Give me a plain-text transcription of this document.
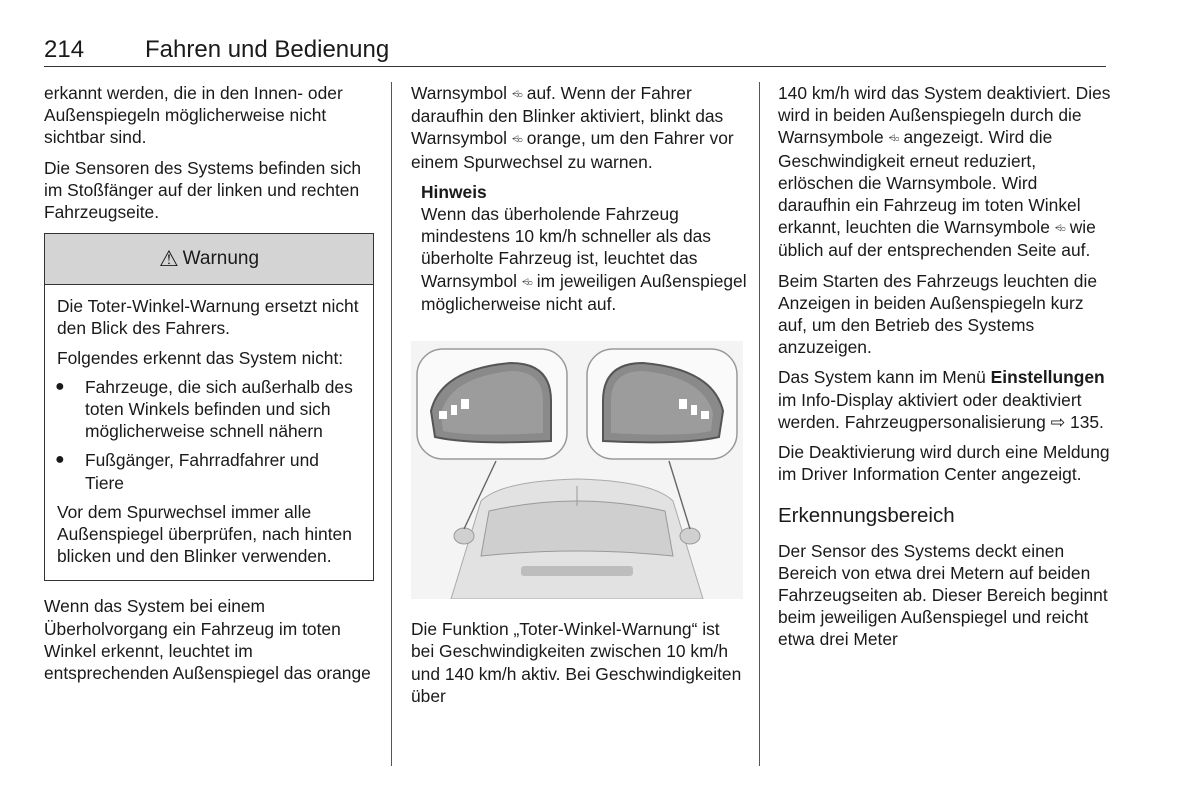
214	Fahren und Bedienung

erkannt werden, die in den Innen- oder Außenspiegeln möglicherweise nicht sichtbar sind.

Die Sensoren des Systems befinden sich im Stoßfänger auf der linken und rechten Fahrzeugseite.

⚠ Warnung

Die Toter-Winkel-Warnung ersetzt nicht den Blick des Fahrers.

Folgendes erkennt das System nicht:

●	Fahrzeuge, die sich außerhalb des toten Winkels befinden und sich möglicherweise schnell nähern
●	Fußgänger, Fahrradfahrer und Tiere

Vor dem Spurwechsel immer alle Außenspiegel überprüfen, nach hinten blicken und den Blinker verwenden.

Wenn das System bei einem Überholvorgang ein Fahrzeug im toten Winkel erkennt, leuchtet im entsprechenden Außenspiegel das orange

Warnsymbol ⩤⚬ auf. Wenn der Fahrer daraufhin den Blinker aktiviert, blinkt das Warnsymbol ⩤⚬ orange, um den Fahrer vor einem Spurwechsel zu warnen.

Hinweis
Wenn das überholende Fahrzeug mindestens 10 km/h schneller als das überholte Fahrzeug ist, leuchtet das Warnsymbol ⩤⚬ im jeweiligen Außenspiegel möglicherweise nicht auf.

Die Funktion „Toter-Winkel-Warnung“ ist bei Geschwindigkeiten zwischen 10 km/h und 140 km/h aktiv. Bei Geschwindigkeiten über

140 km/h wird das System deaktiviert. Dies wird in beiden Außenspiegeln durch die Warnsymbole ⩤⚬ angezeigt. Wird die Geschwindigkeit erneut reduziert, erlöschen die Warnsymbole. Wird daraufhin ein Fahrzeug im toten Winkel erkannt, leuchten die Warnsymbole ⩤⚬ wie üblich auf der entsprechenden Seite auf.

Beim Starten des Fahrzeugs leuchten die Anzeigen in beiden Außenspiegeln kurz auf, um den Betrieb des Systems anzuzeigen.

Das System kann im Menü Einstellungen im Info-Display aktiviert oder deaktiviert werden. Fahrzeugpersonalisierung ⇨ 135.

Die Deaktivierung wird durch eine Meldung im Driver Information Center angezeigt.

Erkennungsbereich

Der Sensor des Systems deckt einen Bereich von etwa drei Metern auf beiden Fahrzeugseiten ab. Dieser Bereich beginnt beim jeweiligen Außenspiegel und reicht etwa drei Meter
